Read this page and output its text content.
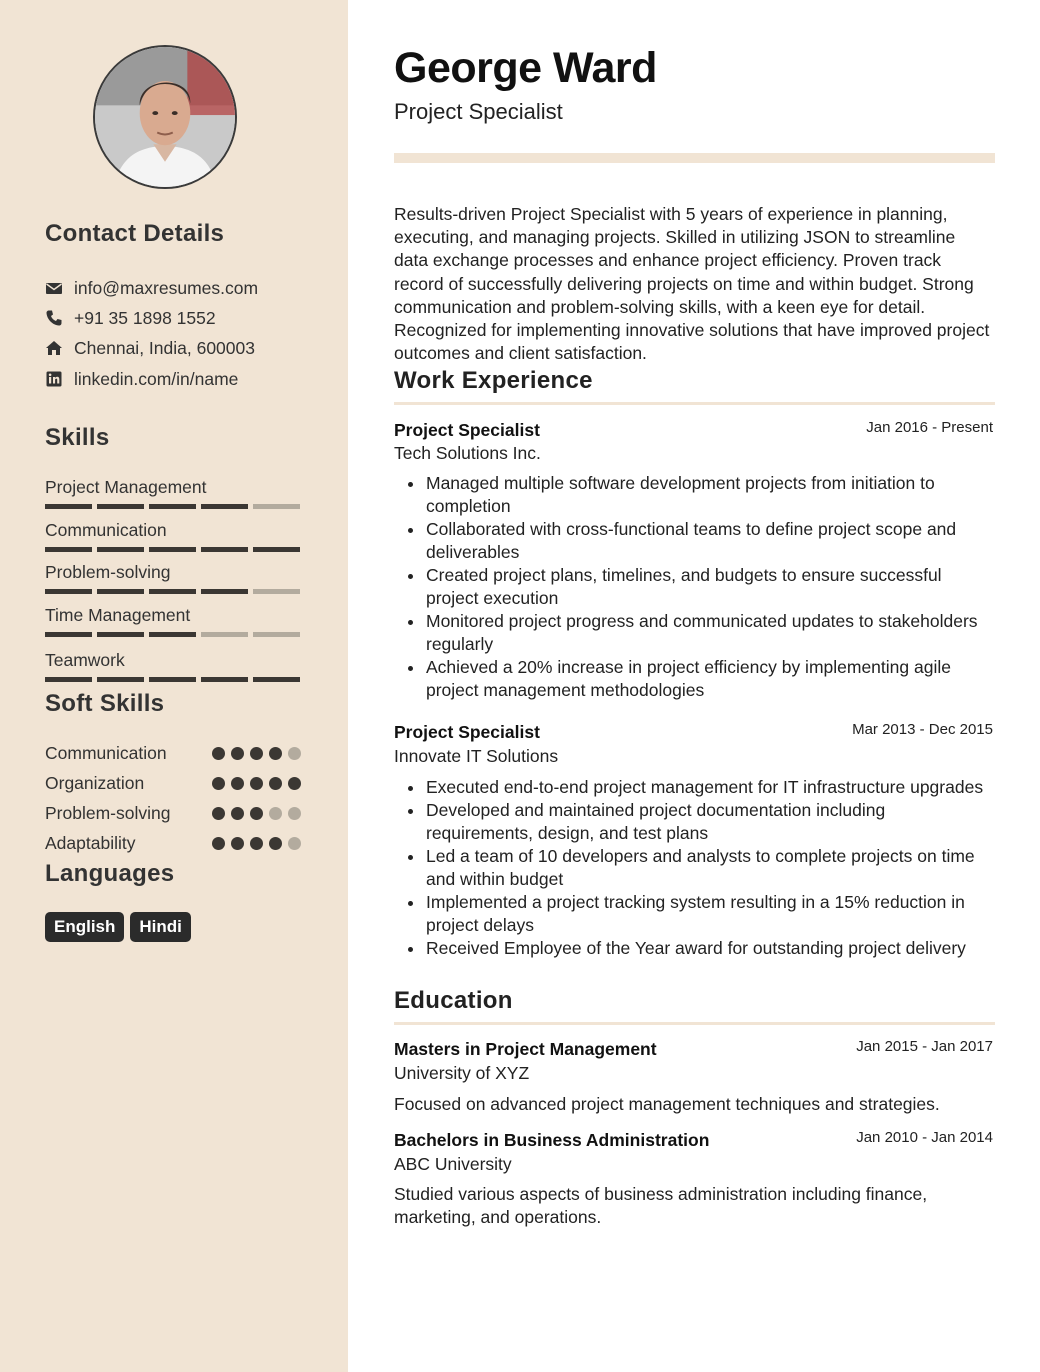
Contact Details
info@maxresumes.com
+91 35 1898 1552
Chennai, India, 600003
linkedin.com/in/name
Skills
Project Management
Communication
Problem-solving
Time Management
Teamwork
Soft Skills
Communication
Organization
Problem-solving
Adaptability
Languages
English	Hindi
George Ward
Project Specialist
Results-driven Project Specialist with 5 years of experience in planning, executing, and managing projects. Skilled in utilizing JSON to streamline data exchange processes and enhance project efficiency. Proven track record of successfully delivering projects on time and within budget. Strong communication and problem-solving skills, with a keen eye for detail. Recognized for implementing innovative solutions that have improved project outcomes and client satisfaction.
Work Experience
Project Specialist	Jan 2016 - Present
Tech Solutions Inc.
Managed multiple software development projects from initiation to completion
Collaborated with cross-functional teams to define project scope and deliverables
Created project plans, timelines, and budgets to ensure successful project execution
Monitored project progress and communicated updates to stakeholders regularly
Achieved a 20% increase in project efficiency by implementing agile project management methodologies
Project Specialist	Mar 2013 - Dec 2015
Innovate IT Solutions
Executed end-to-end project management for IT infrastructure upgrades
Developed and maintained project documentation including requirements, design, and test plans
Led a team of 10 developers and analysts to complete projects on time and within budget
Implemented a project tracking system resulting in a 15% reduction in project delays
Received Employee of the Year award for outstanding project delivery
Education
Masters in Project Management	Jan 2015 - Jan 2017
University of XYZ
Focused on advanced project management techniques and strategies.
Bachelors in Business Administration	Jan 2010 - Jan 2014
ABC University
Studied various aspects of business administration including finance, marketing, and operations.
